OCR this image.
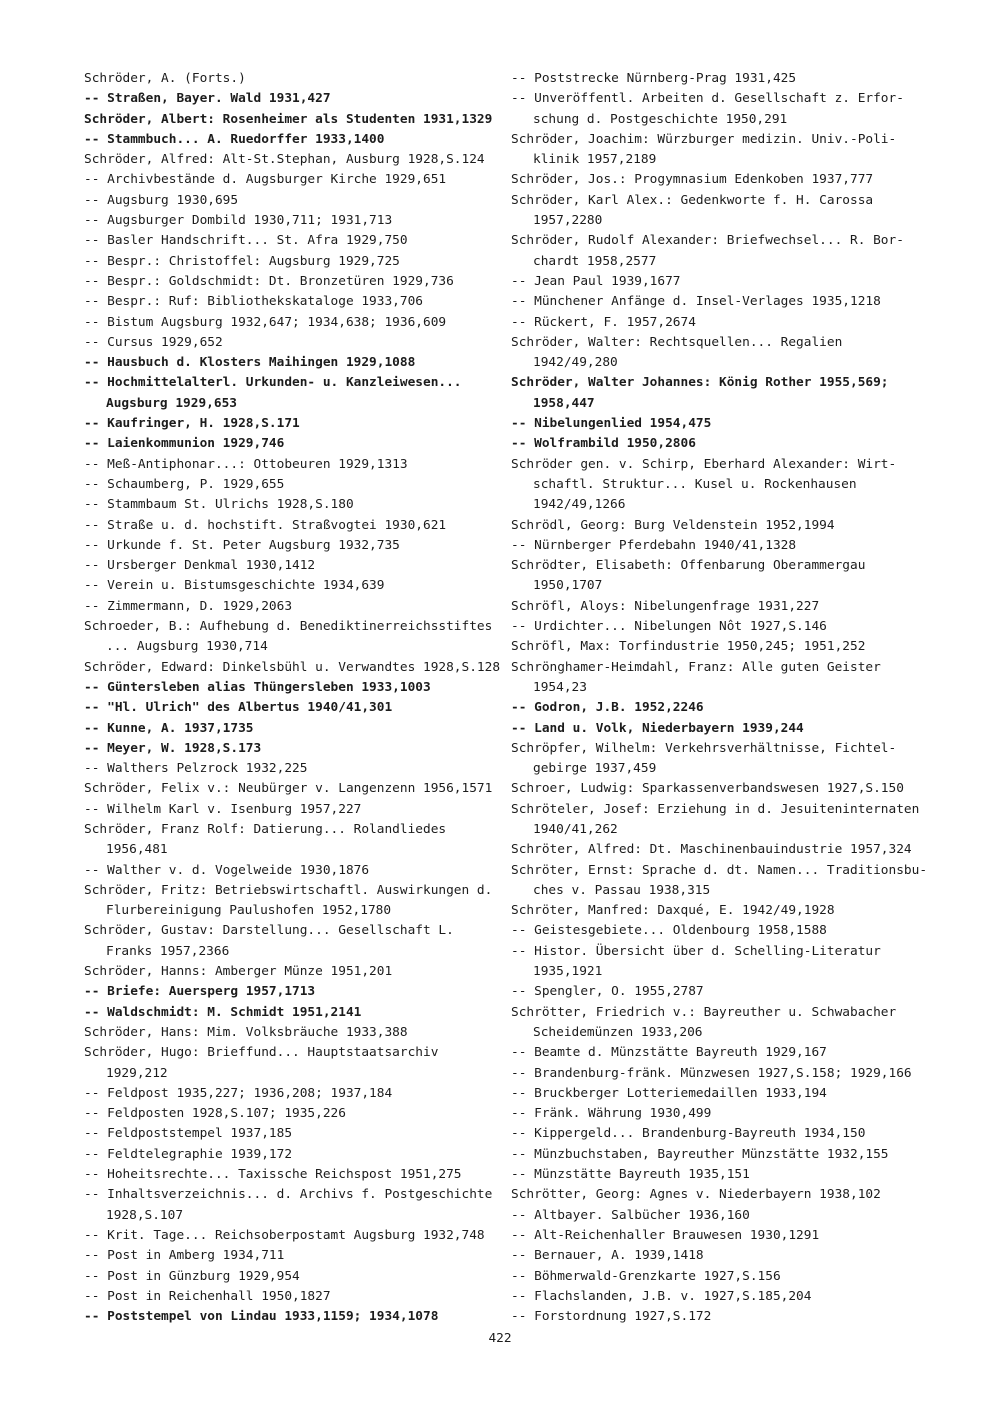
Schröder, A. (Forts.)
-- Straßen, Bayer. Wald 1931,427
Schröder, Albert: Rosenheimer als Studenten 1931,1329
-- Stammbuch... A. Ruedorffer 1933,1400
Schröder, Alfred: Alt-St.Stephan, Ausburg 1928,S.124
-- Archivbestände d. Augsburger Kirche 1929,651
-- Augsburg 1930,695
-- Augsburger Dombild 1930,711; 1931,713
-- Basler Handschrift... St. Afra 1929,750
-- Bespr.: Christoffel: Augsburg 1929,725
-- Bespr.: Goldschmidt: Dt. Bronzetüren 1929,736
-- Bespr.: Ruf: Bibliothekskataloge 1933,706
-- Bistum Augsburg 1932,647; 1934,638; 1936,609
-- Cursus 1929,652
-- Hausbuch d. Klosters Maihingen 1929,1088
-- Hochmittelalterl. Urkunden- u. Kanzleiwesen...
Augsburg 1929,653
-- Kaufringer, H. 1928,S.171
-- Laienkommunion 1929,746
-- Meß-Antiphonar...: Ottobeuren 1929,1313
-- Schaumberg, P. 1929,655
-- Stammbaum St. Ulrichs 1928,S.180
-- Straße u. d. hochstift. Straßvogtei 1930,621
-- Urkunde f. St. Peter Augsburg 1932,735
-- Ursberger Denkmal 1930,1412
-- Verein u. Bistumsgeschichte 1934,639
-- Zimmermann, D. 1929,2063
Schroeder, B.: Aufhebung d. Benediktinerreichsstiftes
... Augsburg 1930,714
Schröder, Edward: Dinkelsbühl u. Verwandtes 1928,S.128
-- Güntersleben alias Thüngersleben 1933,1003
-- "Hl. Ulrich" des Albertus 1940/41,301
-- Kunne, A. 1937,1735
-- Meyer, W. 1928,S.173
-- Walthers Pelzrock 1932,225
Schröder, Felix v.: Neubürger v. Langenzenn 1956,1571
-- Wilhelm Karl v. Isenburg 1957,227
Schröder, Franz Rolf: Datierung... Rolandliedes
1956,481
-- Walther v. d. Vogelweide 1930,1876
Schröder, Fritz: Betriebswirtschaftl. Auswirkungen d.
Flurbereinigung Paulushofen 1952,1780
Schröder, Gustav: Darstellung... Gesellschaft L.
Franks 1957,2366
Schröder, Hanns: Amberger Münze 1951,201
-- Briefe: Auersperg 1957,1713
-- Waldschmidt: M. Schmidt 1951,2141
Schröder, Hans: Mim. Volksbräuche 1933,388
Schröder, Hugo: Brieffund... Hauptstaatsarchiv 1929,212
-- Feldpost 1935,227; 1936,208; 1937,184
-- Feldposten 1928,S.107; 1935,226
-- Feldpoststempel 1937,185
-- Feldtelegraphie 1939,172
-- Hoheitsrechte... Taxissche Reichspost 1951,275
-- Inhaltsverzeichnis... d. Archivs f. Postgeschichte
1928,S.107
-- Krit. Tage... Reichsoberpostamt Augsburg 1932,748
-- Post in Amberg 1934,711
-- Post in Günzburg 1929,954
-- Post in Reichenhall 1950,1827
-- Poststempel von Lindau 1933,1159; 1934,1078
-- Poststrecke Nürnberg-Prag 1931,425
-- Unveröffentl. Arbeiten d. Gesellschaft z. Erfor-
schung d. Postgeschichte 1950,291
Schröder, Joachim: Würzburger medizin. Univ.-Poli-
klinik 1957,2189
Schröder, Jos.: Progymnasium Edenkoben 1937,777
Schröder, Karl Alex.: Gedenkworte f. H. Carossa
1957,2280
Schröder, Rudolf Alexander: Briefwechsel... R. Bor-
chardt 1958,2577
-- Jean Paul 1939,1677
-- Münchener Anfänge d. Insel-Verlages 1935,1218
-- Rückert, F. 1957,2674
Schröder, Walter: Rechtsquellen... Regalien 1942/49,280
Schröder, Walter Johannes: König Rother 1955,569;
1958,447
-- Nibelungenlied 1954,475
-- Wolframbild 1950,2806
Schröder gen. v. Schirp, Eberhard Alexander: Wirt-
schaftl. Struktur... Kusel u. Rockenhausen
1942/49,1266
Schrödl, Georg: Burg Veldenstein 1952,1994
-- Nürnberger Pferdebahn 1940/41,1328
Schrödter, Elisabeth: Offenbarung Oberammergau
1950,1707
Schröfl, Aloys: Nibelungenfrage 1931,227
-- Urdichter... Nibelungen Nôt 1927,S.146
Schröfl, Max: Torfindustrie 1950,245; 1951,252
Schrönghamer-Heimdahl, Franz: Alle guten Geister
1954,23
-- Godron, J.B. 1952,2246
-- Land u. Volk, Niederbayern 1939,244
Schröpfer, Wilhelm: Verkehrsverhältnisse, Fichtel-
gebirge 1937,459
Schroer, Ludwig: Sparkassenverbandswesen 1927,S.150
Schröteler, Josef: Erziehung in d. Jesuiteninternaten
1940/41,262
Schröter, Alfred: Dt. Maschinenbauindustrie 1957,324
Schröter, Ernst: Sprache d. dt. Namen... Traditionsbu-
ches v. Passau 1938,315
Schröter, Manfred: Daxqué, E. 1942/49,1928
-- Geistesgebiete... Oldenbourg 1958,1588
-- Histor. Übersicht über d. Schelling-Literatur
1935,1921
-- Spengler, O. 1955,2787
Schrötter, Friedrich v.: Bayreuther u. Schwabacher
Scheidemünzen 1933,206
-- Beamte d. Münzstätte Bayreuth 1929,167
-- Brandenburg-fränk. Münzwesen 1927,S.158; 1929,166
-- Bruckberger Lotteriemedaillen 1933,194
-- Fränk. Währung 1930,499
-- Kippergeld... Brandenburg-Bayreuth 1934,150
-- Münzbuchstaben, Bayreuther Münzstätte 1932,155
-- Münzstätte Bayreuth 1935,151
Schrötter, Georg: Agnes v. Niederbayern 1938,102
-- Altbayer. Salbücher 1936,160
-- Alt-Reichenhaller Brauwesen 1930,1291
-- Bernauer, A. 1939,1418
-- Böhmerwald-Grenzkarte 1927,S.156
-- Flachslanden, J.B. v. 1927,S.185,204
-- Forstordnung 1927,S.172
422
